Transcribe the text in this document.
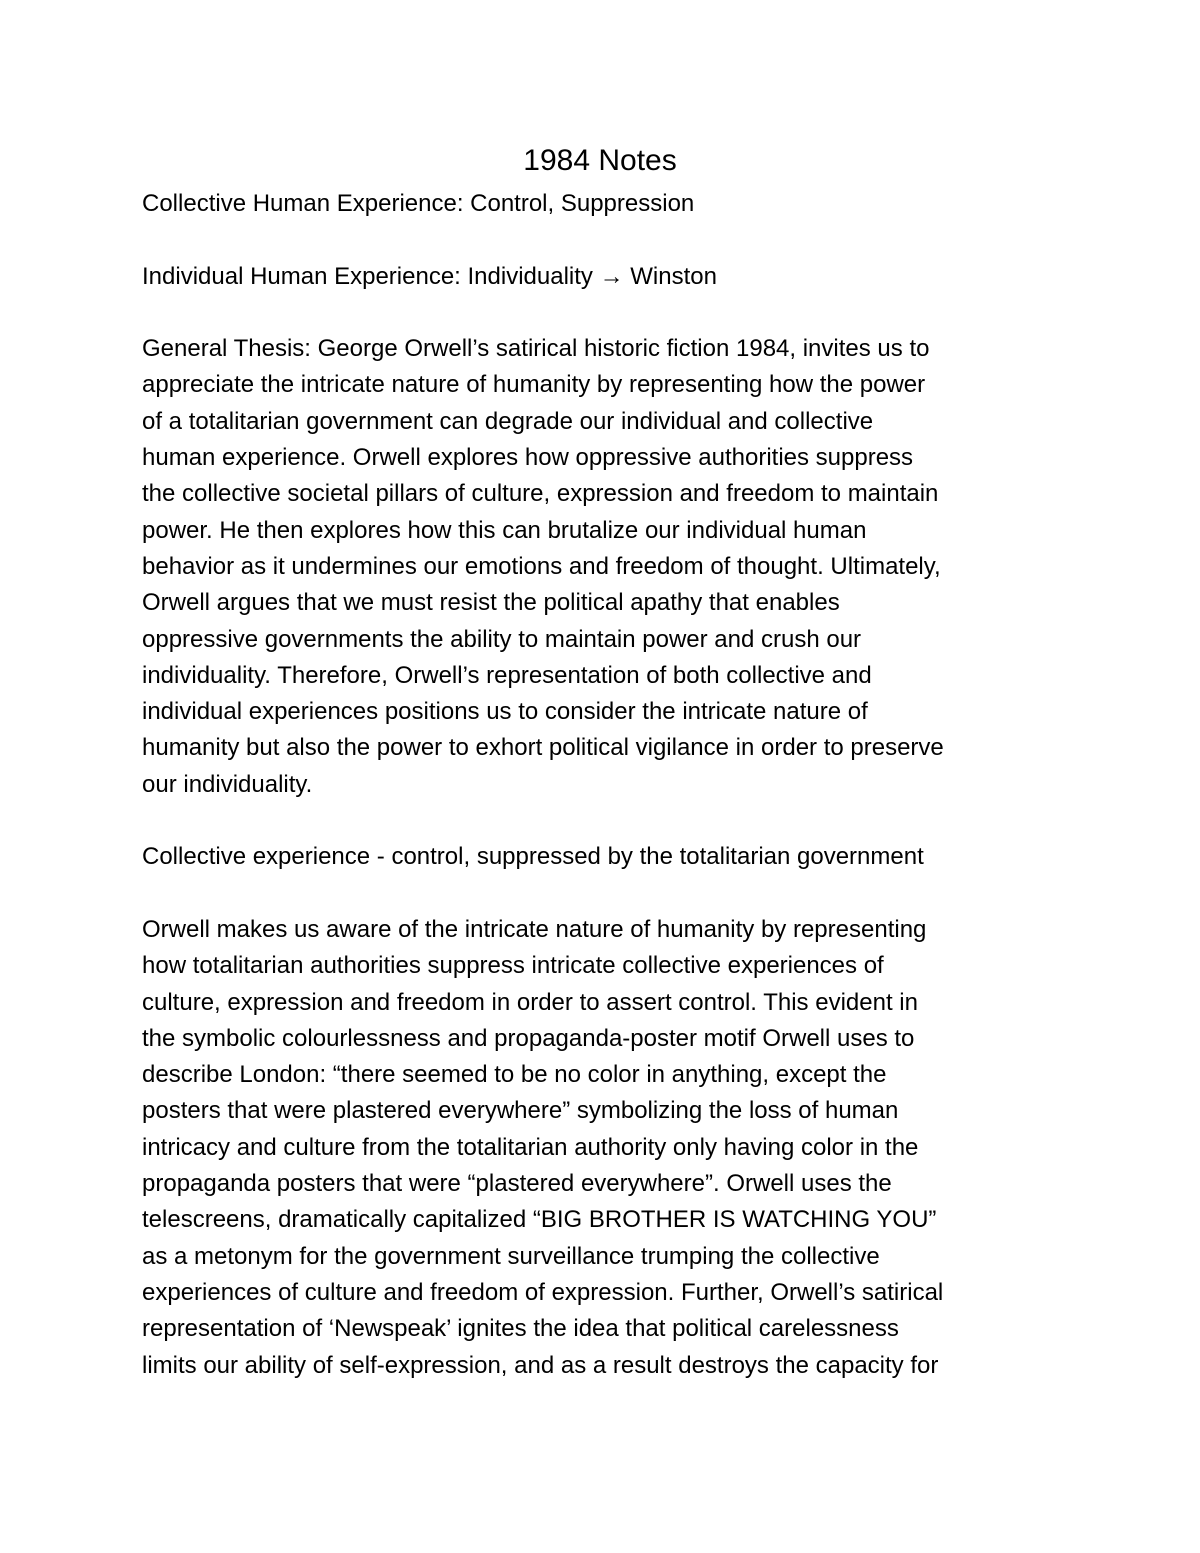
1984 Notes

Collective Human Experience: Control, Suppression

Individual Human Experience: Individuality → Winston

General Thesis: George Orwell’s satirical historic fiction 1984, invites us to
appreciate the intricate nature of humanity by representing how the power
of a totalitarian government can degrade our individual and collective
human experience. Orwell explores how oppressive authorities suppress
the collective societal pillars of culture, expression and freedom to maintain
power. He then explores how this can brutalize our individual human
behavior as it undermines our emotions and freedom of thought. Ultimately,
Orwell argues that we must resist the political apathy that enables
oppressive governments the ability to maintain power and crush our
individuality. Therefore, Orwell’s representation of both collective and
individual experiences positions us to consider the intricate nature of
humanity but also the power to exhort political vigilance in order to preserve
our individuality.

Collective experience - control, suppressed by the totalitarian government

Orwell makes us aware of the intricate nature of humanity by representing
how totalitarian authorities suppress intricate collective experiences of
culture, expression and freedom in order to assert control. This evident in
the symbolic colourlessness and propaganda-poster motif Orwell uses to
describe London: “there seemed to be no color in anything, except the
posters that were plastered everywhere” symbolizing the loss of human
intricacy and culture from the totalitarian authority only having color in the
propaganda posters that were “plastered everywhere”. Orwell uses the
telescreens, dramatically capitalized “BIG BROTHER IS WATCHING YOU”
as a metonym for the government surveillance trumping the collective
experiences of culture and freedom of expression. Further, Orwell’s satirical
representation of ‘Newspeak’ ignites the idea that political carelessness
limits our ability of self-expression, and as a result destroys the capacity for
